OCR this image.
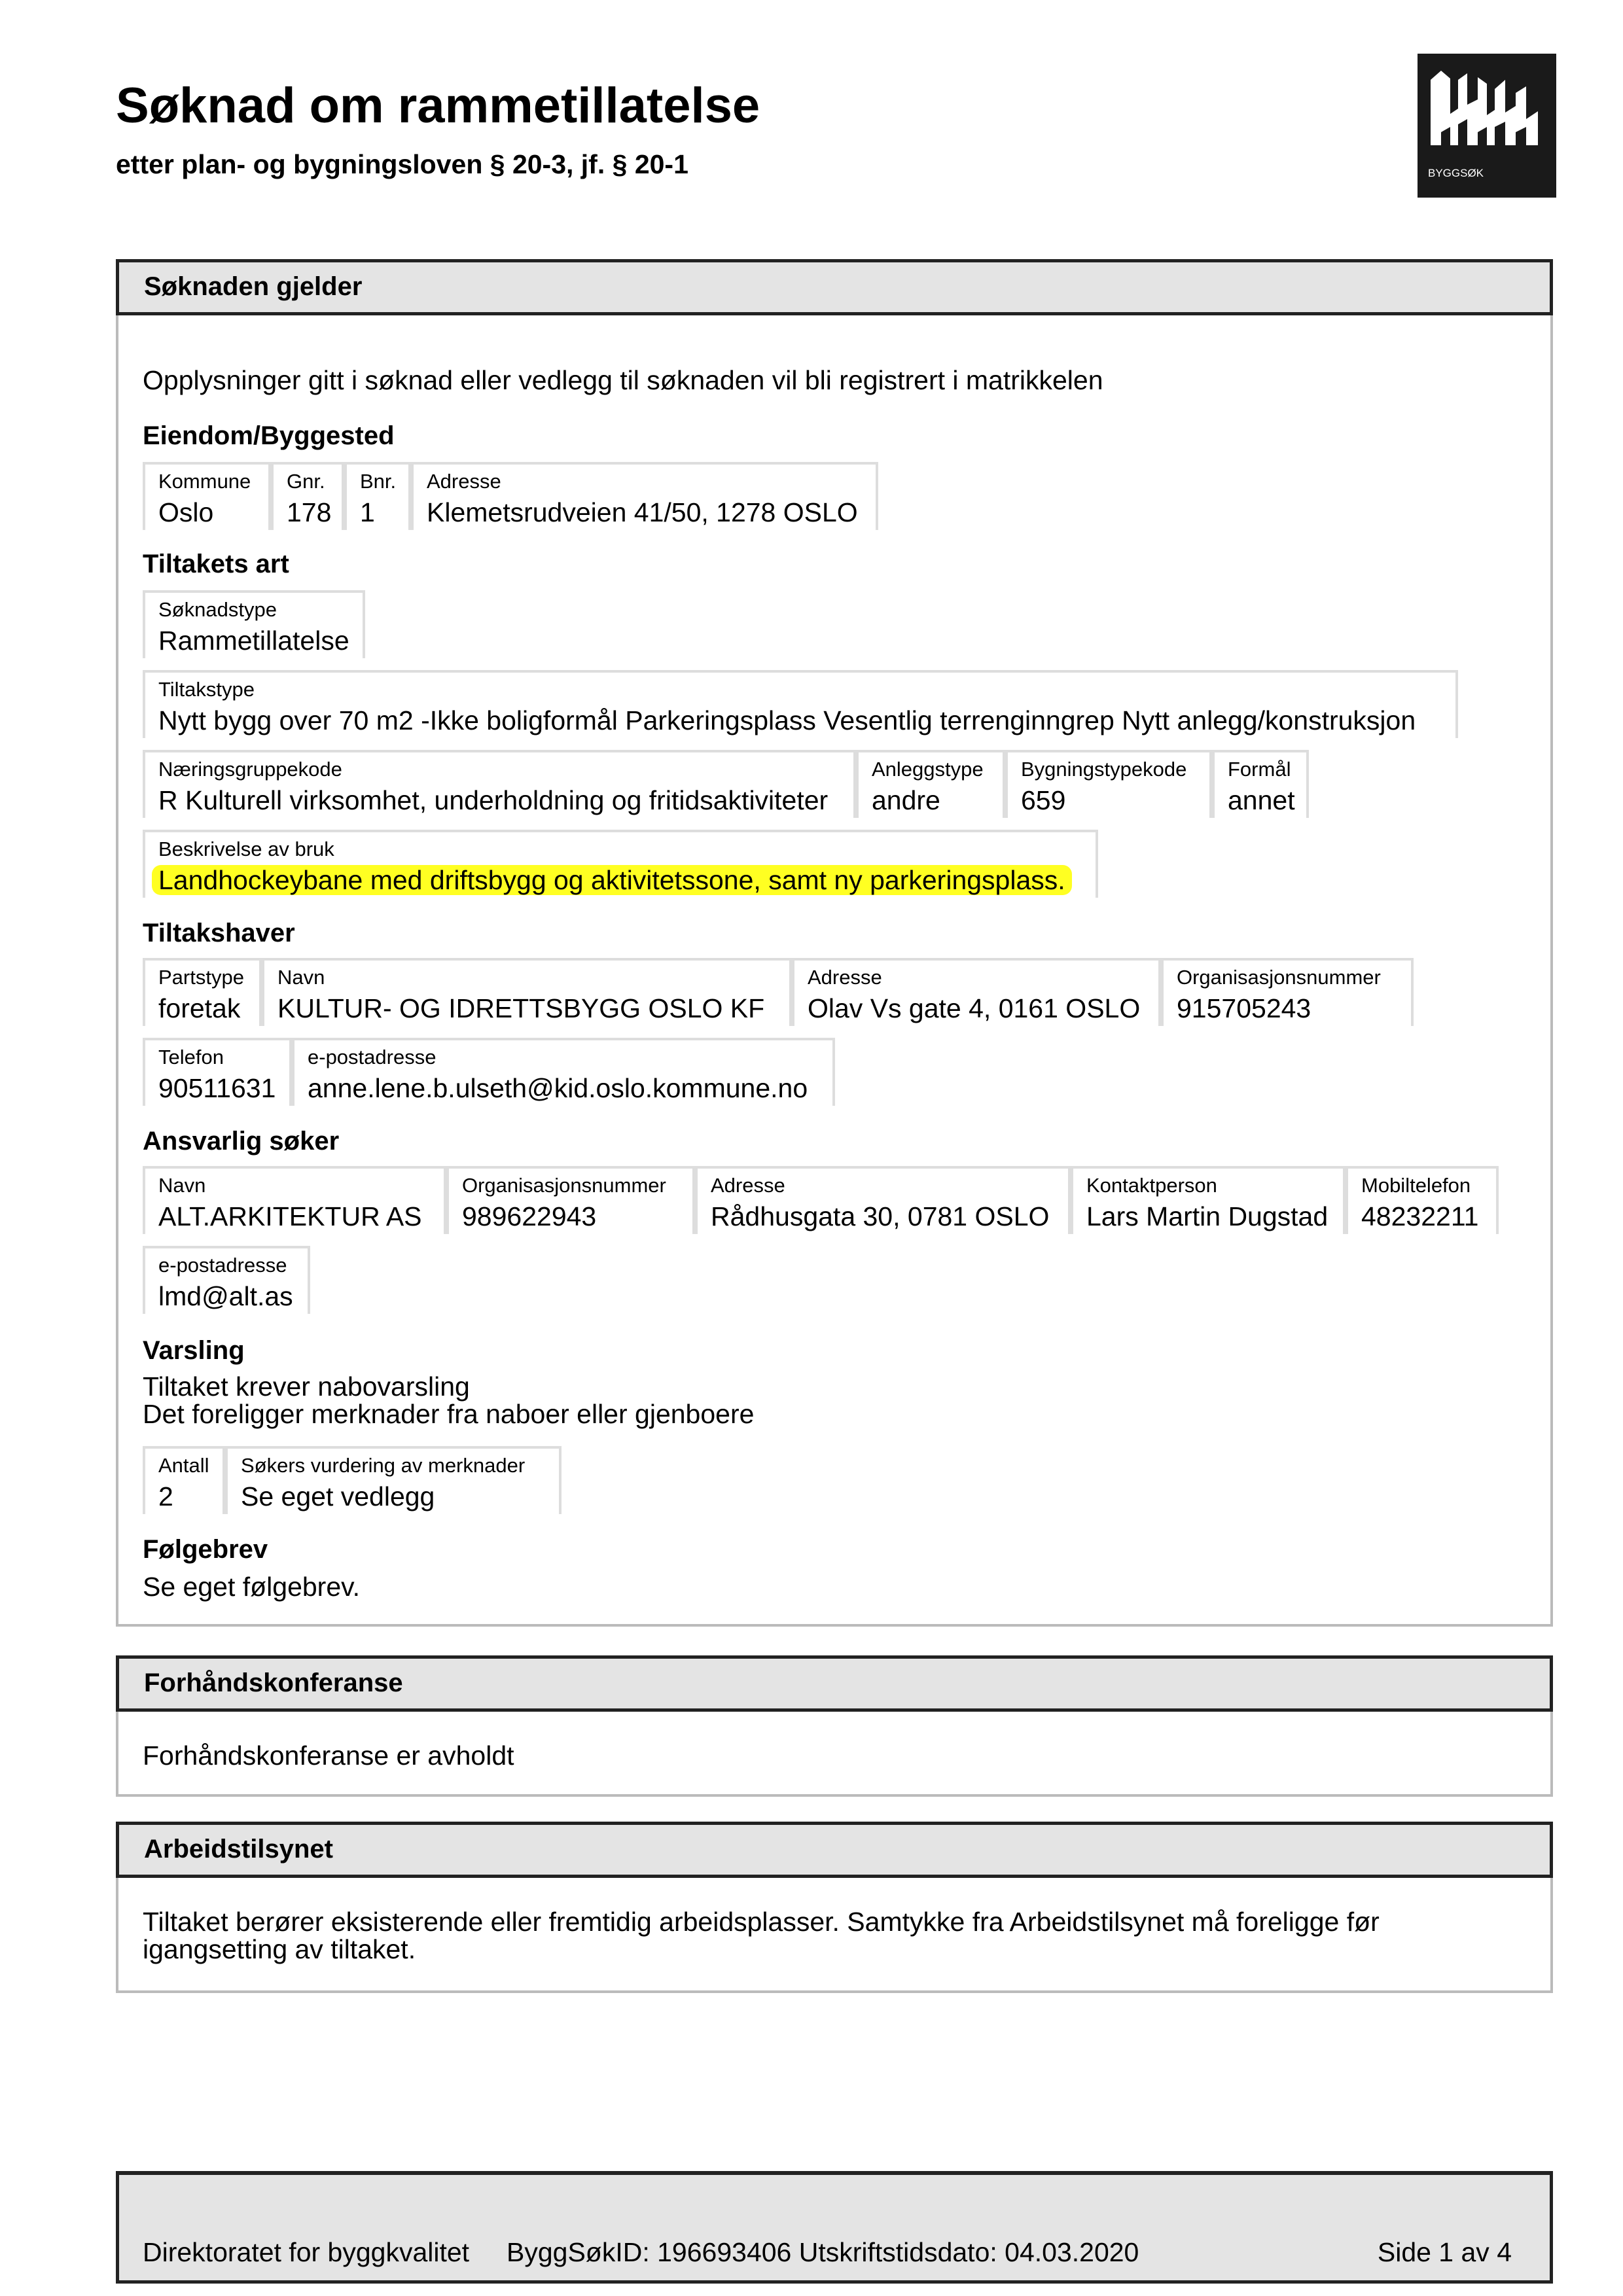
Søknad om rammetillatelse
etter plan- og bygningsloven § 20-3, jf. § 20-1	BYGGSØK
Søknaden gjelder
Opplysninger gitt i søknad eller vedlegg til søknaden vil bli registrert i matrikkelen
Eiendom/Byggested
Kommune
Oslo
Gnr.
178
Bnr.
1
Adresse
Klemetsrudveien 41/50, 1278 OSLO
Tiltakets art
Søknadstype
Rammetillatelse
Tiltakstype
Nytt bygg over 70 m2 -Ikke boligformål Parkeringsplass Vesentlig terrenginngrep Nytt anlegg/konstruksjon
Næringsgruppekode
R Kulturell virksomhet, underholdning og fritidsaktiviteter
Anleggstype
andre
Bygningstypekode
659
Formål
annet
Beskrivelse av bruk
Landhockeybane med driftsbygg og aktivitetssone, samt ny parkeringsplass.
Tiltakshaver
Partstype
foretak
Navn
KULTUR- OG IDRETTSBYGG OSLO KF
Adresse
Olav Vs gate 4, 0161 OSLO
Organisasjonsnummer
915705243
Telefon
90511631
e-postadresse
anne.lene.b.ulseth@kid.oslo.kommune.no
Ansvarlig søker
Navn
ALT.ARKITEKTUR AS
Organisasjonsnummer
989622943
Adresse
Rådhusgata 30, 0781 OSLO
Kontaktperson
Lars Martin Dugstad
Mobiltelefon
48232211
e-postadresse
lmd@alt.as
Varsling
Tiltaket krever nabovarsling
Det foreligger merknader fra naboer eller gjenboere
Antall
2
Søkers vurdering av merknader
Se eget vedlegg
Følgebrev
Se eget følgebrev.
Forhåndskonferanse
Forhåndskonferanse er avholdt
Arbeidstilsynet
Tiltaket berører eksisterende eller fremtidig arbeidsplasser. Samtykke fra Arbeidstilsynet må foreligge før
igangsetting av tiltaket.
Direktoratet for byggkvalitet ByggSøkID: 196693406 Utskriftstidsdato: 04.03.2020	Side 1 av 4
